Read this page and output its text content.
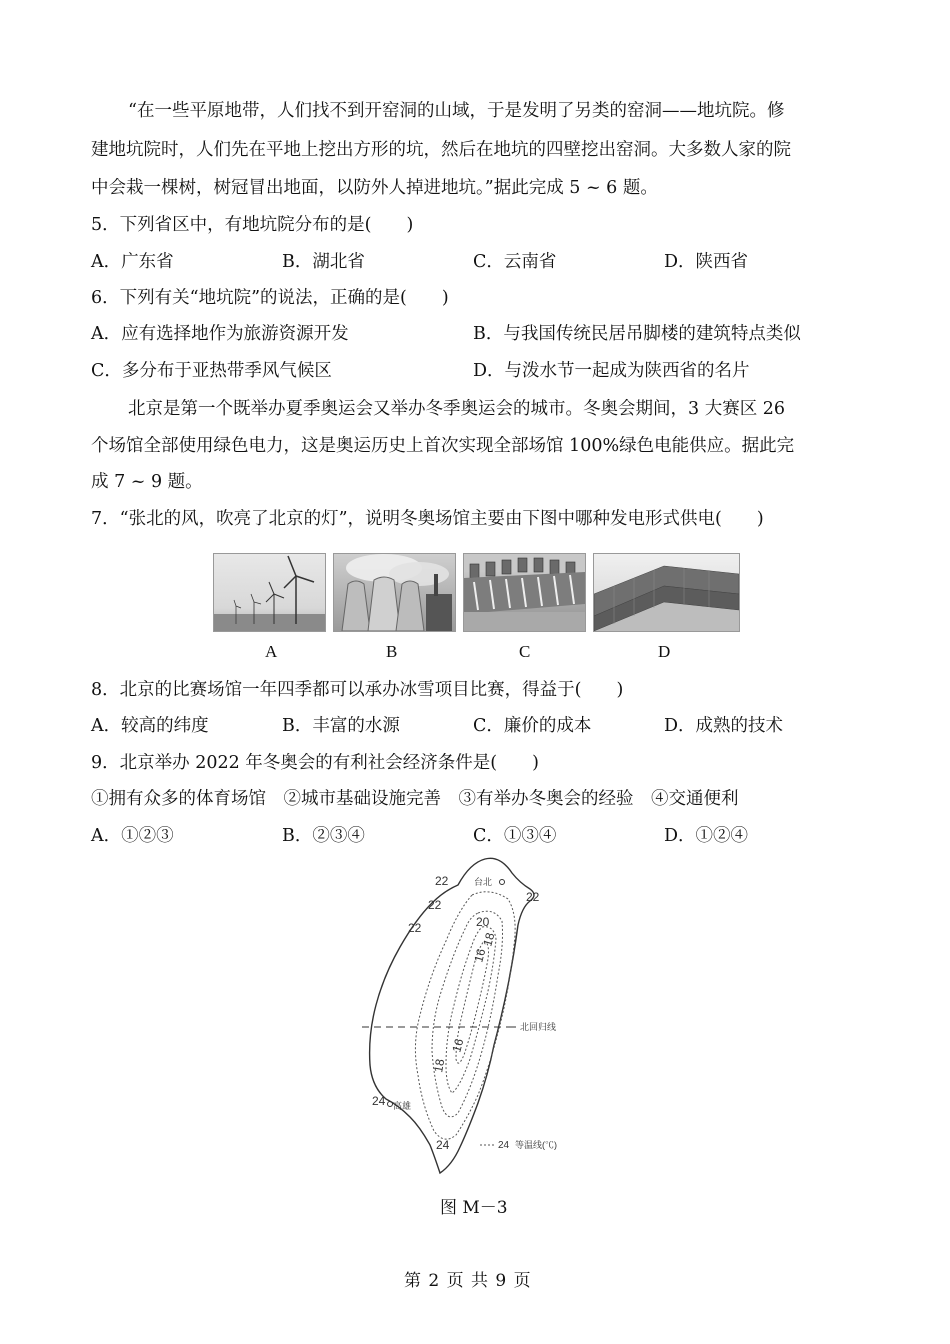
“在一些平原地带，人们找不到开窑洞的山域，于是发明了另类的窑洞——地坑院。修
建地坑院时，人们先在平地上挖出方形的坑，然后在地坑的四壁挖出窑洞。大多数人家的院
中会栽一棵树，树冠冒出地面，以防外人掉进地坑。”据此完成 5 ~ 6 题。
5．下列省区中，有地坑院分布的是(　　)
A．广东省	B．湖北省	C．云南省	D．陕西省
6．下列有关“地坑院”的说法，正确的是(　　)
A．应有选择地作为旅游资源开发	B．与我国传统民居吊脚楼的建筑特点类似
C．多分布于亚热带季风气候区	D．与泼水节一起成为陕西省的名片
北京是第一个既举办夏季奥运会又举办冬季奥运会的城市。冬奥会期间，3 大赛区 26
个场馆全部使用绿色电力，这是奥运历史上首次实现全部场馆 100%绿色电能供应。据此完
成 7 ~ 9 题。
7．“张北的风，吹亮了北京的灯”，说明冬奥场馆主要由下图中哪种发电形式供电(　　)
A	B	C	D
8．北京的比赛场馆一年四季都可以承办冰雪项目比赛，得益于(　　)
A．较高的纬度	B．丰富的水源	C．廉价的成本	D．成熟的技术
9．北京举办 2022 年冬奥会的有利社会经济条件是(　　)
①拥有众多的体育场馆　②城市基础设施完善　③有举办冬奥会的经验　④交通便利
A．①②③	B．②③④	C．①③④	D．①②④
台北
高雄
北回归线
24 等温线(℃)
22
22
22
22	20
18
16
16
18
24
24
图 M－3
第 2 页 共 9 页
